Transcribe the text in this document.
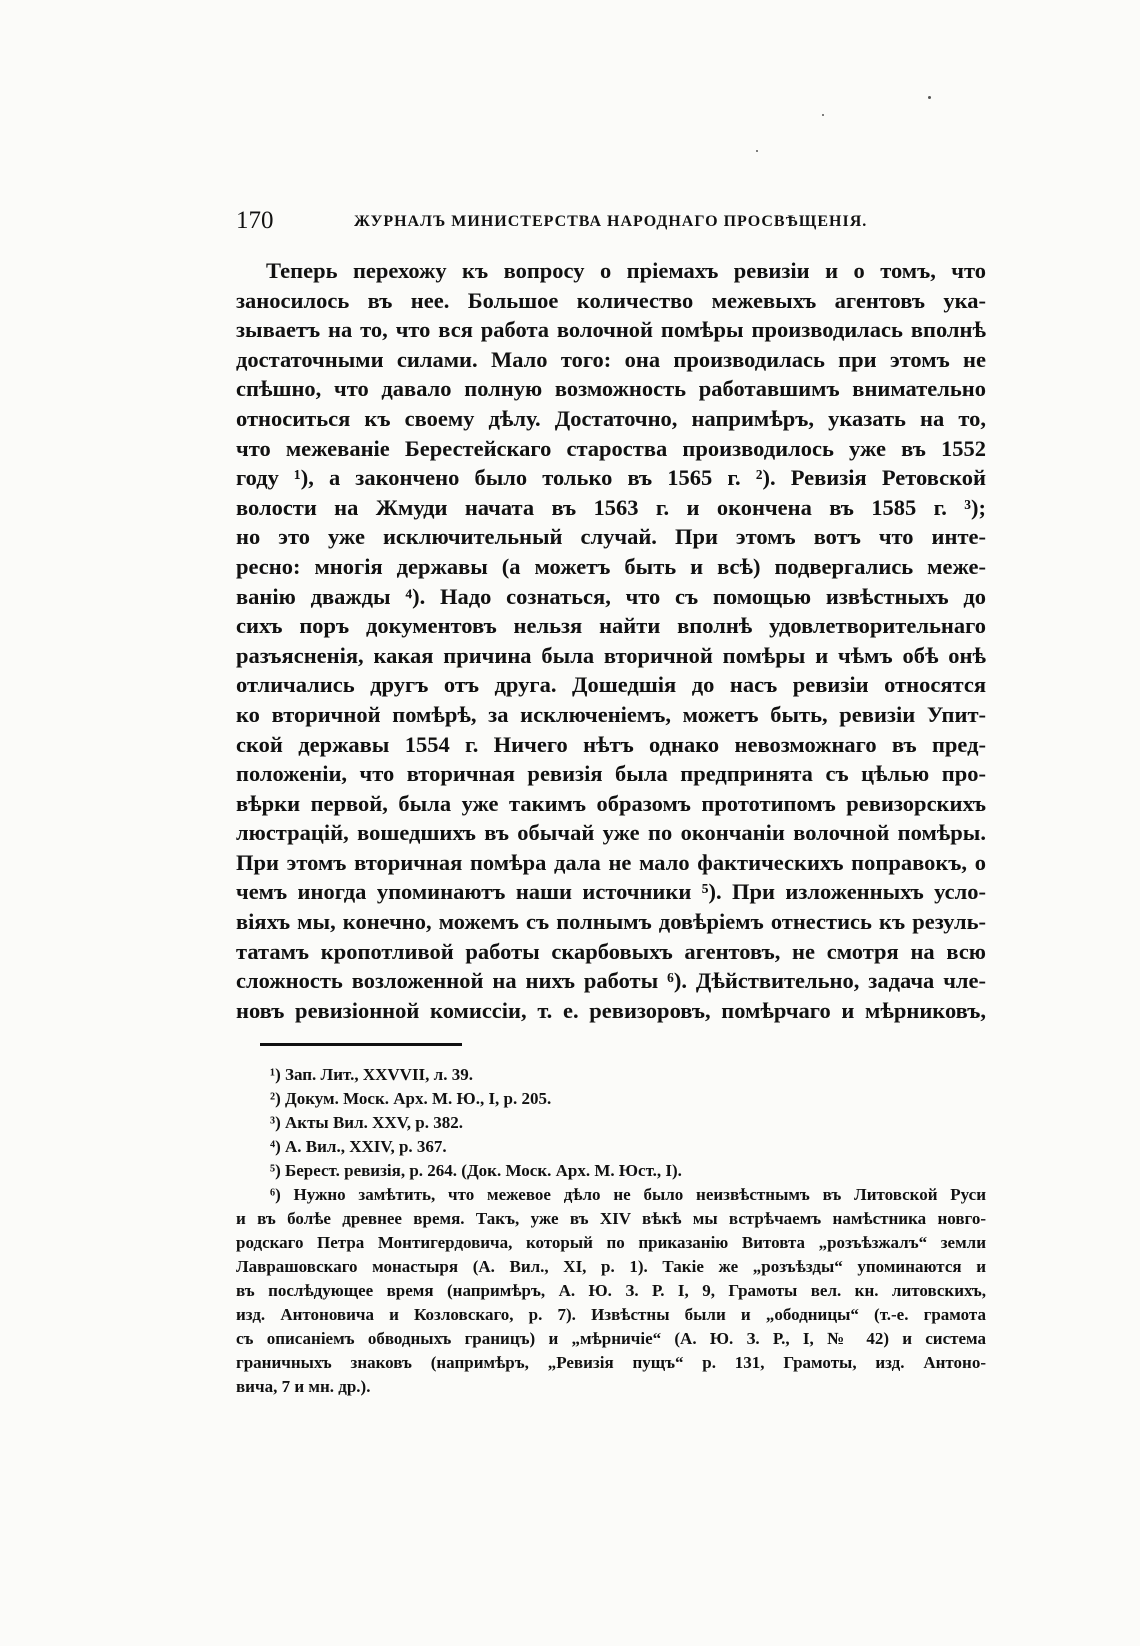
170	ЖУРНАЛЪ МИНИСТЕРСТВА НАРОДНАГО ПРОСВѢЩЕНІЯ.
Теперь перехожу къ вопросу о пріемахъ ревизіи и о томъ, что
заносилось въ нее. Большое количество межевыхъ агентовъ ука-
зываетъ на то, что вся работа волочной помѣры производилась вполнѣ
достаточными силами. Мало того: она производилась при этомъ не
спѣшно, что давало полную возможность работавшимъ внимательно
относиться къ своему дѣлу. Достаточно, напримѣръ, указать на то,
что межеваніе Берестейскаго староства производилось уже въ 1552
году ¹), а закончено было только въ 1565 г. ²). Ревизія Ретовской
волости на Жмуди начата въ 1563 г. и окончена въ 1585 г. ³);
но это уже исключительный случай. При этомъ вотъ что инте-
ресно: многія державы (а можетъ быть и всѣ) подвергались меже-
ванію дважды ⁴). Надо сознаться, что съ помощью извѣстныхъ до
сихъ поръ документовъ нельзя найти вполнѣ удовлетворительнаго
разъясненія, какая причина была вторичной помѣры и чѣмъ обѣ онѣ
отличались другъ отъ друга. Дошедшія до насъ ревизіи относятся
ко вторичной помѣрѣ, за исключеніемъ, можетъ быть, ревизіи Упит-
ской державы 1554 г. Ничего нѣтъ однако невозможнаго въ пред-
положеніи, что вторичная ревизія была предпринята съ цѣлью про-
вѣрки первой, была уже такимъ образомъ прототипомъ ревизорскихъ
люстрацій, вошедшихъ въ обычай уже по окончаніи волочной помѣры.
При этомъ вторичная помѣра дала не мало фактическихъ поправокъ, о
чемъ иногда упоминаютъ наши источники ⁵). При изложенныхъ усло-
віяхъ мы, конечно, можемъ съ полнымъ довѣріемъ отнестись къ резуль-
татамъ кропотливой работы скарбовыхъ агентовъ, не смотря на всю
сложность возложенной на нихъ работы ⁶). Дѣйствительно, задача чле-
новъ ревизіонной комиссіи, т. е. ревизоровъ, помѣрчаго и мѣрниковъ,
¹) Зап. Лит., XXVVII, л. 39.
²) Докум. Моск. Арх. М. Ю., I, p. 205.
³) Акты Вил. XXV, p. 382.
⁴) А. Вил., XXIV, p. 367.
⁵) Берест. ревизія, p. 264. (Док. Моск. Арх. М. Юст., I).
⁶) Нужно замѣтить, что межевое дѣло не было неизвѣстнымъ въ Литовской Руси
и въ болѣе древнее время. Такъ, уже въ XIV вѣкѣ мы встрѣчаемъ намѣстника новго-
родскаго Петра Монтигердовича, который по приказанію Витовта „розъѣзжалъ“ земли
Лаврашовскаго монастыря (А. Вил., XI, p. 1). Такіе же „розъѣзды“ упоминаются и
въ послѣдующее время (напримѣръ, А. Ю. З. Р. I, 9, Грамоты вел. кн. литовскихъ,
изд. Антоновича и Козловскаго, p. 7). Извѣстны были и „ободницы“ (т.-е. грамота
съ описаніемъ обводныхъ границъ) и „мѣрничіе“ (А. Ю. З. Р., I, № 42) и система
граничныхъ знаковъ (напримѣръ, „Ревизія пущъ“ p. 131, Грамоты, изд. Антоно-
вича, 7 и мн. др.).
